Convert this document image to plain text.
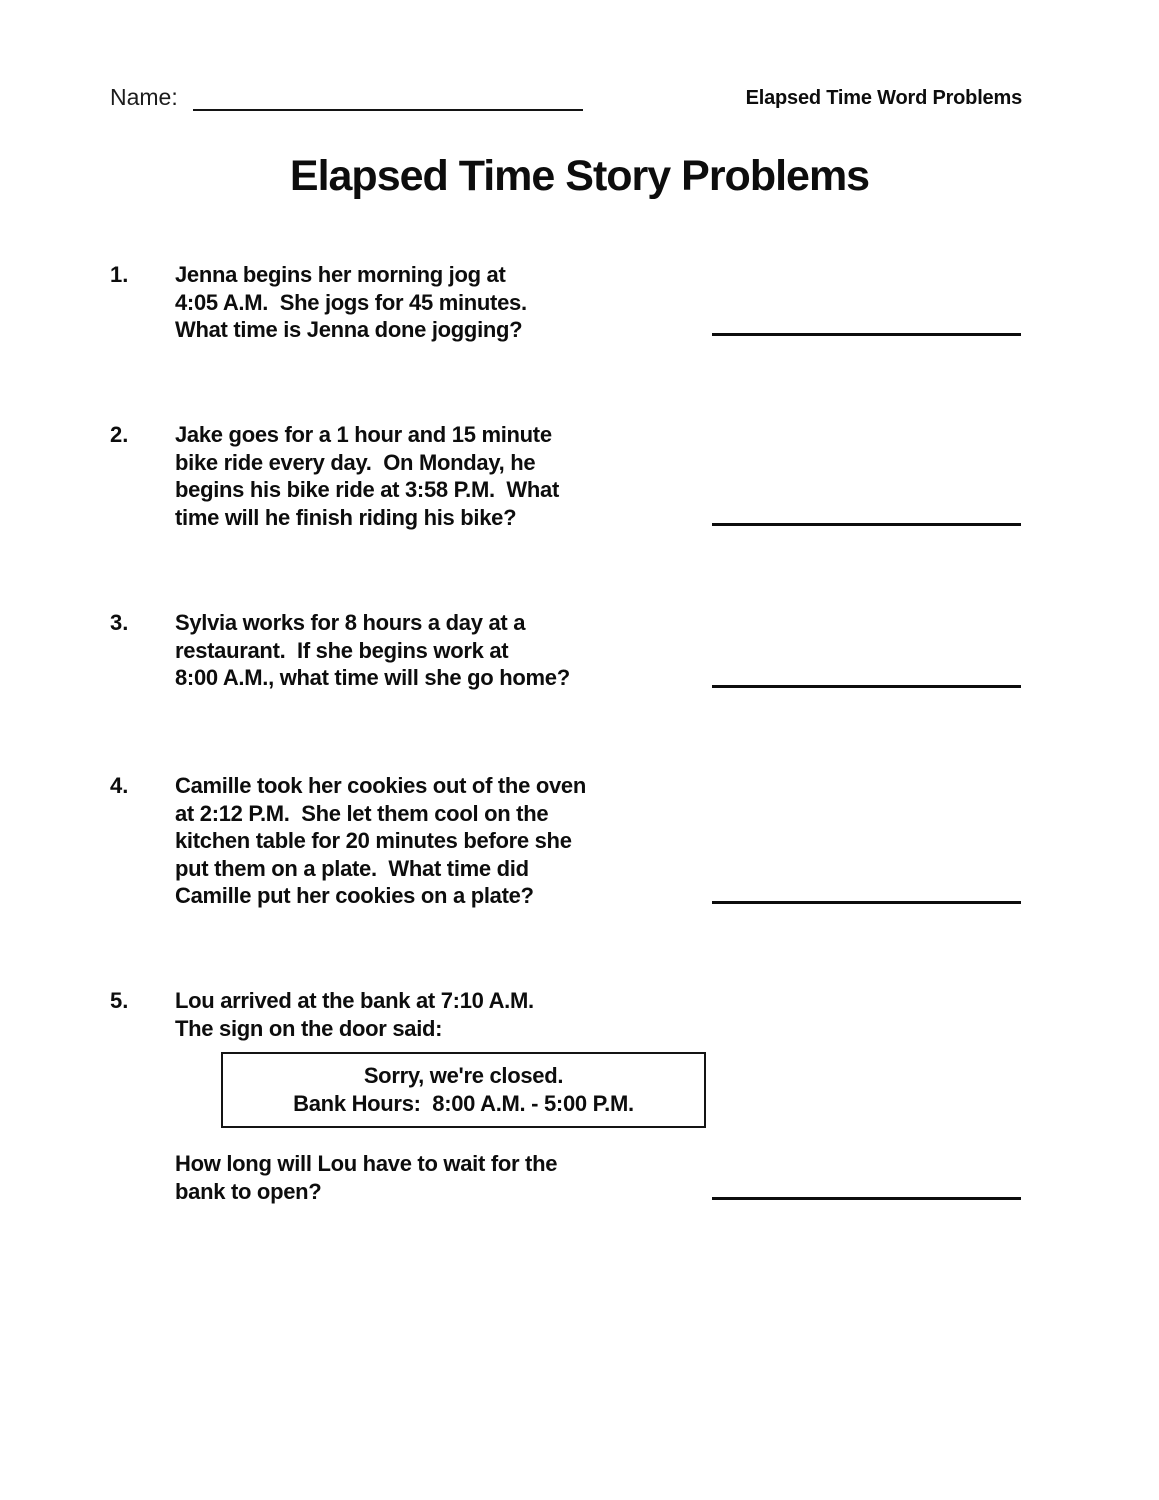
Name:	Elapsed Time Word Problems
Elapsed Time Story Problems
1. Jenna begins her morning jog at
4:05 A.M.  She jogs for 45 minutes.
What time is Jenna done jogging?
2. Jake goes for a 1 hour and 15 minute
bike ride every day.  On Monday, he
begins his bike ride at 3:58 P.M.  What
time will he finish riding his bike?
3. Sylvia works for 8 hours a day at a
restaurant.  If she begins work at
8:00 A.M., what time will she go home?
4. Camille took her cookies out of the oven
at 2:12 P.M.  She let them cool on the
kitchen table for 20 minutes before she
put them on a plate.  What time did
Camille put her cookies on a plate?
5. Lou arrived at the bank at 7:10 A.M.
The sign on the door said:
Sorry, we're closed.
Bank Hours:  8:00 A.M. - 5:00 P.M.
How long will Lou have to wait for the
bank to open?
